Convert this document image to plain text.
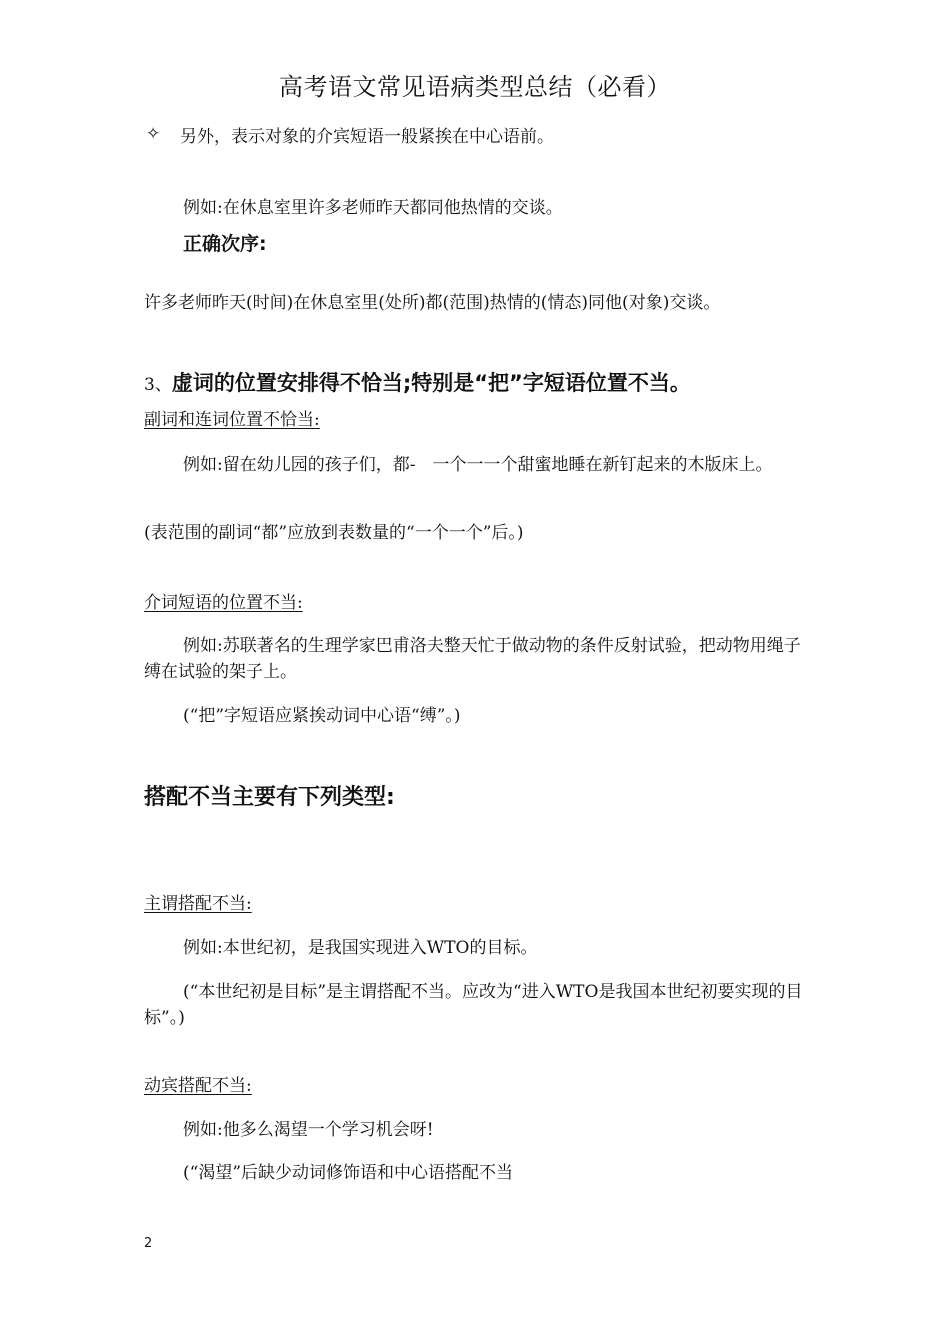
高考语文常见语病类型总结（必看）
✧ 另外，表示对象的介宾短语一般紧挨在中心语前。
例如:在休息室里许多老师昨天都同他热情的交谈。
正确次序:
许多老师昨天(时间)在休息室里(处所)都(范围)热情的(情态)同他(对象)交谈。
3、虚词的位置安排得不恰当;特别是“把”字短语位置不当。
副词和连词位置不恰当:
例如:留在幼儿园的孩子们，都-　一个一一个甜蜜地睡在新钉起来的木版床上。
(表范围的副词“都”应放到表数量的“一个一个”后。)
介词短语的位置不当:
例如:苏联著名的生理学家巴甫洛夫整天忙于做动物的条件反射试验，把动物用绳子缚在试验的架子上。
(“把”字短语应紧挨动词中心语“缚”。)
搭配不当主要有下列类型:
主谓搭配不当:
例如:本世纪初，是我国实现进入WTO的目标。
(“本世纪初是目标”是主谓搭配不当。应改为“进入WTO是我国本世纪初要实现的目标”。)
动宾搭配不当:
例如:他多么渴望一个学习机会呀!
(“渴望”后缺少动词修饰语和中心语搭配不当
2
